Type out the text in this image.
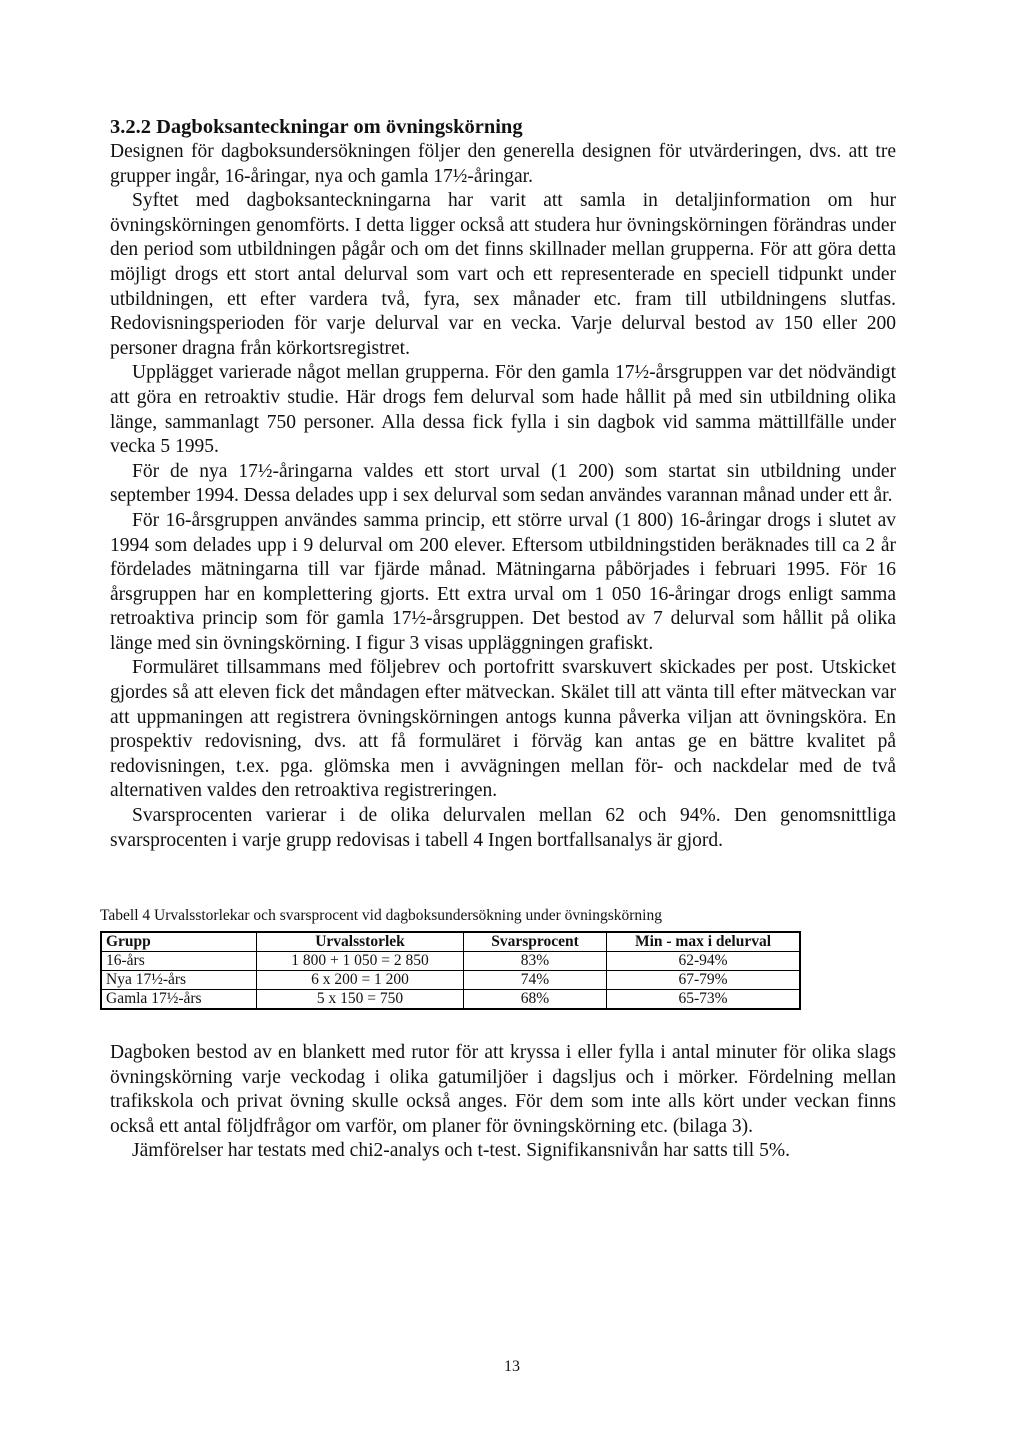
3.2.2 Dagboksanteckningar om övningskörning

Designen för dagboksundersökningen följer den generella designen för utvärderingen, dvs. att tre grupper ingår, 16-åringar, nya och gamla 17½-åringar.

Syftet med dagboksanteckningarna har varit att samla in detaljinformation om hur övningskörningen genomförts. I detta ligger också att studera hur övningskörningen förändras under den period som utbildningen pågår och om det finns skillnader mellan grupperna. För att göra detta möjligt drogs ett stort antal delurval som vart och ett representerade en speciell tidpunkt under utbildningen, ett efter vardera två, fyra, sex månader etc. fram till utbildningens slutfas. Redovisningsperioden för varje delurval var en vecka. Varje delurval bestod av 150 eller 200 personer dragna från körkortsregistret.

Upplägget varierade något mellan grupperna. För den gamla 17½-årsgruppen var det nödvändigt att göra en retroaktiv studie. Här drogs fem delurval som hade hållit på med sin utbildning olika länge, sammanlagt 750 personer. Alla dessa fick fylla i sin dagbok vid samma mättillfälle under vecka 5 1995.

För de nya 17½-åringarna valdes ett stort urval (1 200) som startat sin utbildning under september 1994. Dessa delades upp i sex delurval som sedan användes varannan månad under ett år.

För 16-årsgruppen användes samma princip, ett större urval (1 800) 16-åringar drogs i slutet av 1994 som delades upp i 9 delurval om 200 elever. Eftersom utbildningstiden beräknades till ca 2 år fördelades mätningarna till var fjärde månad. Mätningarna påbörjades i februari 1995. För 16 årsgruppen har en komplettering gjorts. Ett extra urval om 1 050 16-åringar drogs enligt samma retroaktiva princip som för gamla 17½-årsgruppen. Det bestod av 7 delurval som hållit på olika länge med sin övningskörning. I figur 3 visas uppläggningen grafiskt.

Formuläret tillsammans med följebrev och portofritt svarskuvert skickades per post. Utskicket gjordes så att eleven fick det måndagen efter mätveckan. Skälet till att vänta till efter mätveckan var att uppmaningen att registrera övningskörningen antogs kunna påverka viljan att övningsköra. En prospektiv redovisning, dvs. att få formuläret i förväg kan antas ge en bättre kvalitet på redovisningen, t.ex. pga. glömska men i avvägningen mellan för- och nackdelar med de två alternativen valdes den retroaktiva registreringen.

Svarsprocenten varierar i de olika delurvalen mellan 62 och 94%. Den genomsnittliga svarsprocenten i varje grupp redovisas i tabell 4 Ingen bortfallsanalys är gjord.

Tabell 4 Urvalsstorlekar och svarsprocent vid dagboksundersökning under övningskörning
Grupp	Urvalsstorlek	Svarsprocent	Min - max i delurval
16-års	1 800 + 1 050 = 2 850	83%	62-94%
Nya 17½-års	6 x 200 = 1 200	74%	67-79%
Gamla 17½-års	5 x 150 = 750	68%	65-73%

Dagboken bestod av en blankett med rutor för att kryssa i eller fylla i antal minuter för olika slags övningskörning varje veckodag i olika gatumiljöer i dagsljus och i mörker. Fördelning mellan trafikskola och privat övning skulle också anges. För dem som inte alls kört under veckan finns också ett antal följdfrågor om varför, om planer för övningskörning etc. (bilaga 3).

Jämförelser har testats med chi2-analys och t-test. Signifikansnivån har satts till 5%.

13
